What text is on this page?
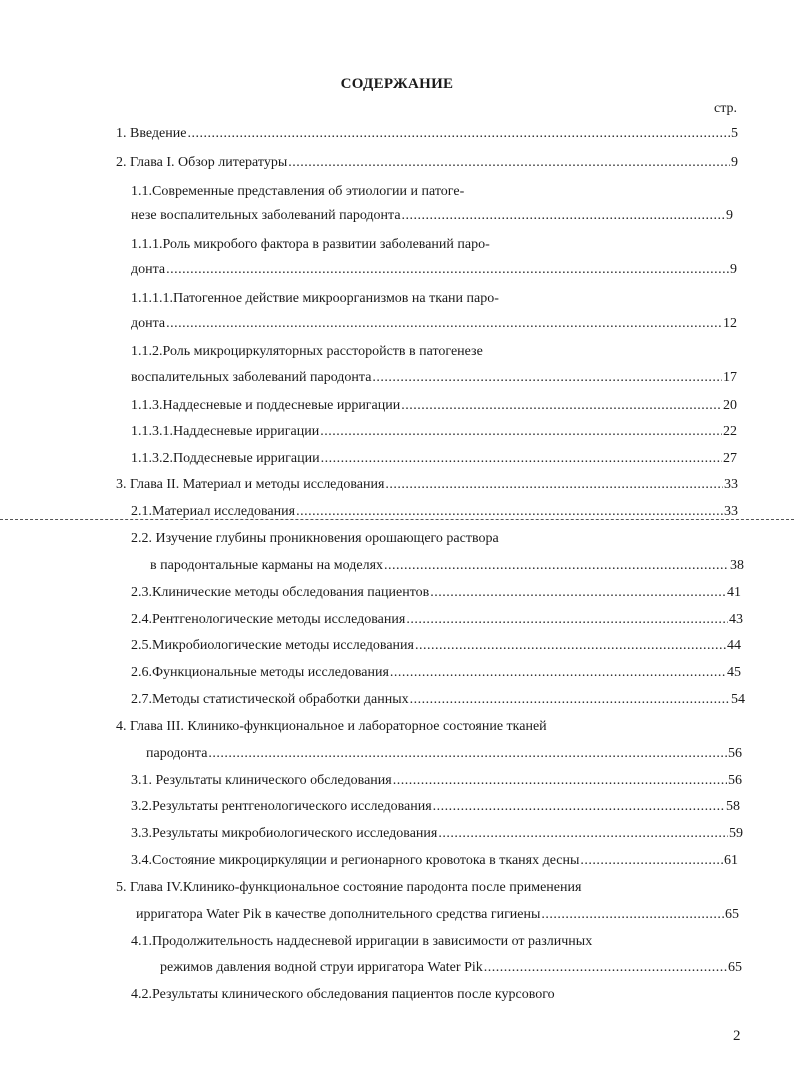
СОДЕРЖАНИЕ
стр.
1. Введение .....	5
2. Глава I. Обзор литературы .....	9
1.1.Современные представления об этиологии и патоге-
незе воспалительных заболеваний пародонта .....	9
1.1.1.Роль микробого фактора в развитии заболеваний паро-
донта .....	9
1.1.1.1.Патогенное действие микроорганизмов на ткани паро-
донта .....	12
1.1.2.Роль микроциркуляторных рассторойств в патогенезе
воспалительных заболеваний пародонта .....	17
1.1.3.Наддесневые и поддесневые ирригации .....	20
1.1.3.1.Наддесневые ирригации .....	22
1.1.3.2.Поддесневые ирригации .....	27
3. Глава II. Материал и методы исследования .....	33
2.1.Материал исследования .....	33
2.2. Изучение глубины проникновения орошающего раствора
в пародонтальные карманы на моделях .....	38
2.3.Клинические методы обследования пациентов .....	41
2.4.Рентгенологические методы исследования .....	43
2.5.Микробиологические методы исследования .....	44
2.6.Функциональные методы исследования .....	45
2.7.Методы статистической обработки данных .....	54
4. Глава III. Клинико-функциональное и лабораторное состояние тканей
пародонта .....	56
3.1. Результаты клинического обследования .....	56
3.2.Результаты рентгенологического исследования .....	58
3.3.Результаты микробиологического исследования .....	59
3.4.Состояние микроциркуляции и регионарного кровотока в тканях десны .....	61
5. Глава IV.Клинико-функциональное состояние пародонта после применения
ирригатора Water Pik в качестве дополнительного средства гигиены .....	65
4.1.Продолжительность наддесневой ирригации в зависимости от различных
режимов давления водной струи ирригатора Water Pik .....	65
4.2.Результаты клинического обследования пациентов после курсового
2
